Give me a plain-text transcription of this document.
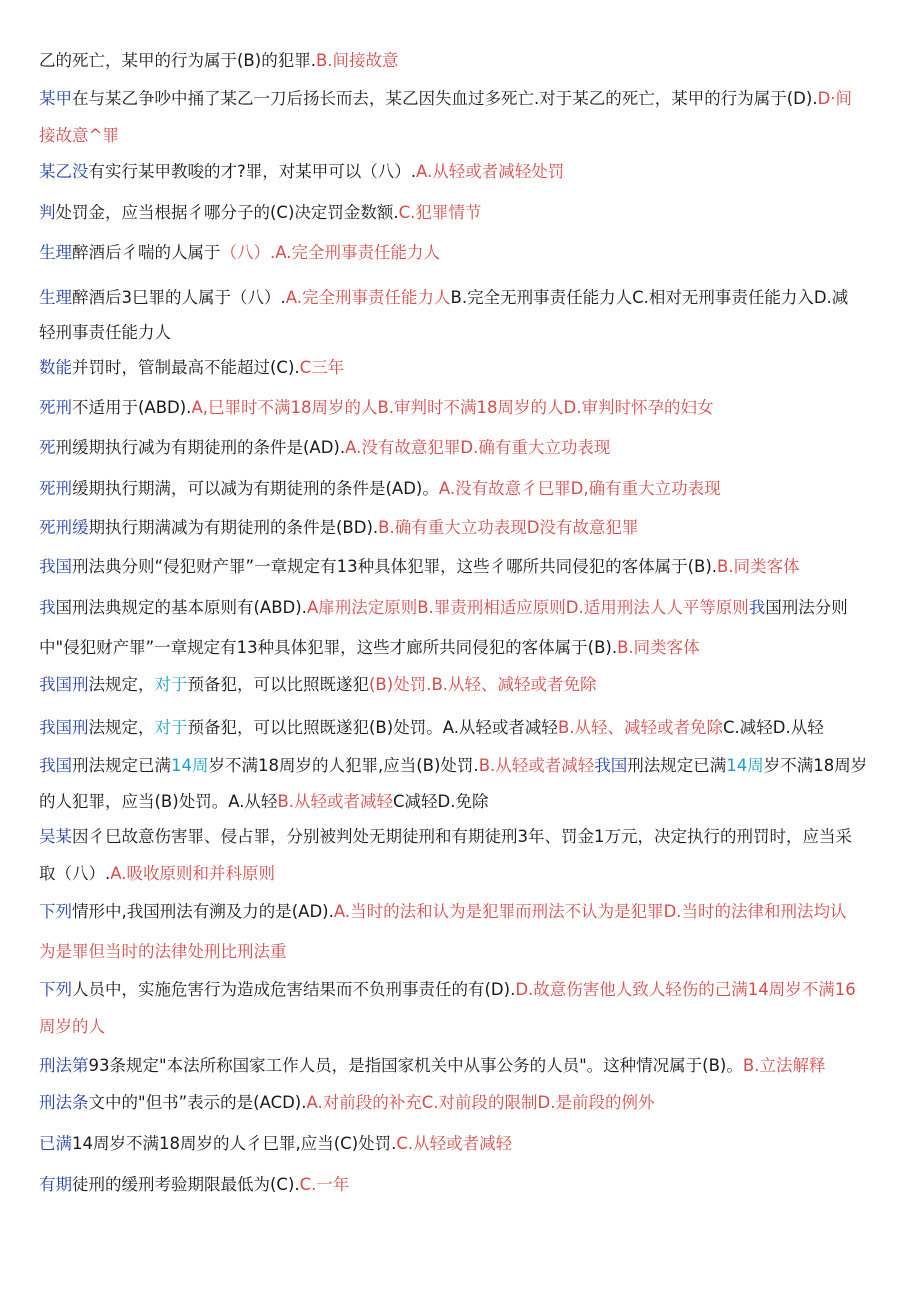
乙的死亡，某甲的行为属于(B)的犯罪.B.间接故意
某甲在与某乙争吵中捅了某乙一刀后扬长而去，某乙因失血过多死亡.对于某乙的死亡，某甲的行为属于(D).D·间
接故意^罪
某乙没有实行某甲教唆的才?罪，对某甲可以（八）.A.从轻或者减轻处罚
判处罚金，应当根据彳哪分子的(C)决定罚金数额.C.犯罪情节
生理醉酒后彳喘的人属于（八）.A.完全刑事责任能力人
生理醉酒后3巳罪的人属于（八）.A.完全刑事责任能力人B.完全无刑事责任能力人C.相对无刑事责任能力入D.减
轻刑事责任能力人
数能并罚时，管制最高不能超过(C).C三年
死刑不适用于(ABD).A,巳罪时不满18周岁的人B.审判时不满18周岁的人D.审判时怀孕的妇女
死刑缓期执行减为有期徒刑的条件是(AD).A.没有故意犯罪D.确有重大立功表现
死刑缓期执行期满，可以减为有期徒刑的条件是(AD)。A.没有故意彳巳罪D,确有重大立功表现
死刑缓期执行期满减为有期徒刑的条件是(BD).B.确有重大立功表现D没有故意犯罪
我国刑法典分则“侵犯财产罪”一章规定有13种具体犯罪，这些彳哪所共同侵犯的客体属于(B).B.同类客体
我国刑法典规定的基本原则有(ABD).A扉刑法定原则B.罪责刑相适应原则D.适用刑法人人平等原则我国刑法分则
中"侵犯财产罪”一章规定有13种具体犯罪，这些才廊所共同侵犯的客体属于(B).B.同类客体
我国刑法规定，对于预备犯，可以比照既遂犯(B)处罚.B.从轻、减轻或者免除
我国刑法规定，对于预备犯，可以比照既遂犯(B)处罚。A.从轻或者减轻B.从轻、减轻或者免除C.减轻D.从轻
我国刑法规定已满14周岁不满18周岁的人犯罪,应当(B)处罚.B.从轻或者减轻我国刑法规定已满14周岁不满18周岁
的人犯罪，应当(B)处罚。A.从轻B.从轻或者减轻C减轻D.免除
吴某因彳巳故意伤害罪、侵占罪，分别被判处无期徒刑和有期徒刑3年、罚金1万元，决定执行的刑罚时，应当采
取（八）.A.吸收原则和并科原则
下列情形中,我国刑法有溯及力的是(AD).A.当时的法和认为是犯罪而刑法不认为是犯罪D.当时的法律和刑法均认
为是罪但当时的法律处刑比刑法重
下列人员中，实施危害行为造成危害结果而不负刑事责任的有(D).D.故意伤害他人致人轻伤的己满14周岁不满16
周岁的人
刑法第93条规定"本法所称国家工作人员，是指国家机关中从事公务的人员"。这种情况属于(B)。B.立法解释
刑法条文中的"但书”表示的是(ACD).A.对前段的补充C.对前段的限制D.是前段的例外
已满14周岁不满18周岁的人彳巳罪,应当(C)处罚.C.从轻或者减轻
有期徒刑的缓刑考验期限最低为(C).C.一年
